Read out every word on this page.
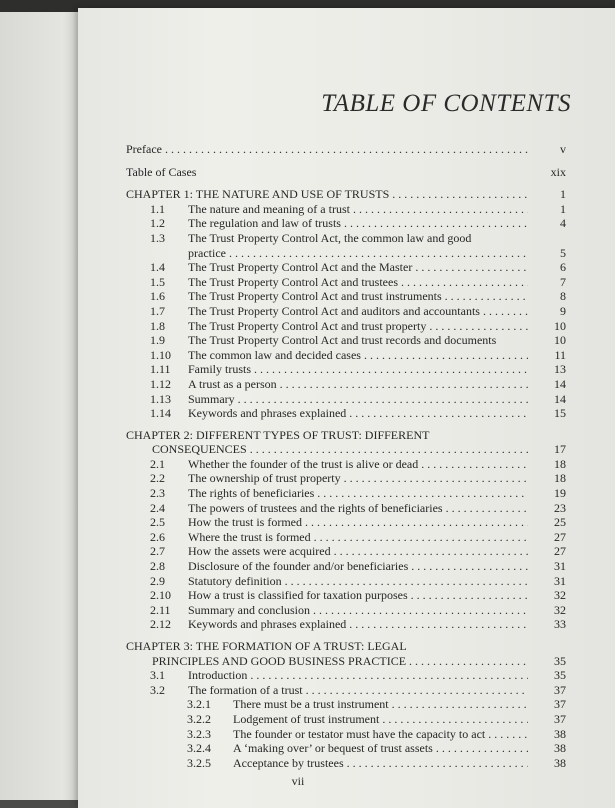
TABLE OF CONTENTS
Preface . . .	v
Table of Cases	xix
CHAPTER 1: THE NATURE AND USE OF TRUSTS . . .	1
1.1 The nature and meaning of a trust . . .	1
1.2 The regulation and law of trusts . . .	4
1.3 The Trust Property Control Act, the common law and good
practice . . .	5
1.4 The Trust Property Control Act and the Master . . .	6
1.5 The Trust Property Control Act and trustees . . .	7
1.6 The Trust Property Control Act and trust instruments . . .	8
1.7 The Trust Property Control Act and auditors and accountants . . .	9
1.8 The Trust Property Control Act and trust property . . .	10
1.9 The Trust Property Control Act and trust records and documents	10
1.10 The common law and decided cases . . .	11
1.11 Family trusts . . .	13
1.12 A trust as a person . . .	14
1.13 Summary . . .	14
1.14 Keywords and phrases explained . . .	15
CHAPTER 2: DIFFERENT TYPES OF TRUST: DIFFERENT
CONSEQUENCES . . .	17
2.1 Whether the founder of the trust is alive or dead . . .	18
2.2 The ownership of trust property . . .	18
2.3 The rights of beneficiaries . . .	19
2.4 The powers of trustees and the rights of beneficiaries . . .	23
2.5 How the trust is formed . . .	25
2.6 Where the trust is formed . . .	27
2.7 How the assets were acquired . . .	27
2.8 Disclosure of the founder and/or beneficiaries . . .	31
2.9 Statutory definition . . .	31
2.10 How a trust is classified for taxation purposes . . .	32
2.11 Summary and conclusion . . .	32
2.12 Keywords and phrases explained . . .	33
CHAPTER 3: THE FORMATION OF A TRUST: LEGAL
PRINCIPLES AND GOOD BUSINESS PRACTICE . . .	35
3.1 Introduction . . .	35
3.2 The formation of a trust . . .	37
3.2.1 There must be a trust instrument . . .	37
3.2.2 Lodgement of trust instrument . . .	37
3.2.3 The founder or testator must have the capacity to act . . .	38
3.2.4 A ‘making over’ or bequest of trust assets . . .	38
3.2.5 Acceptance by trustees . . .	38
vii
